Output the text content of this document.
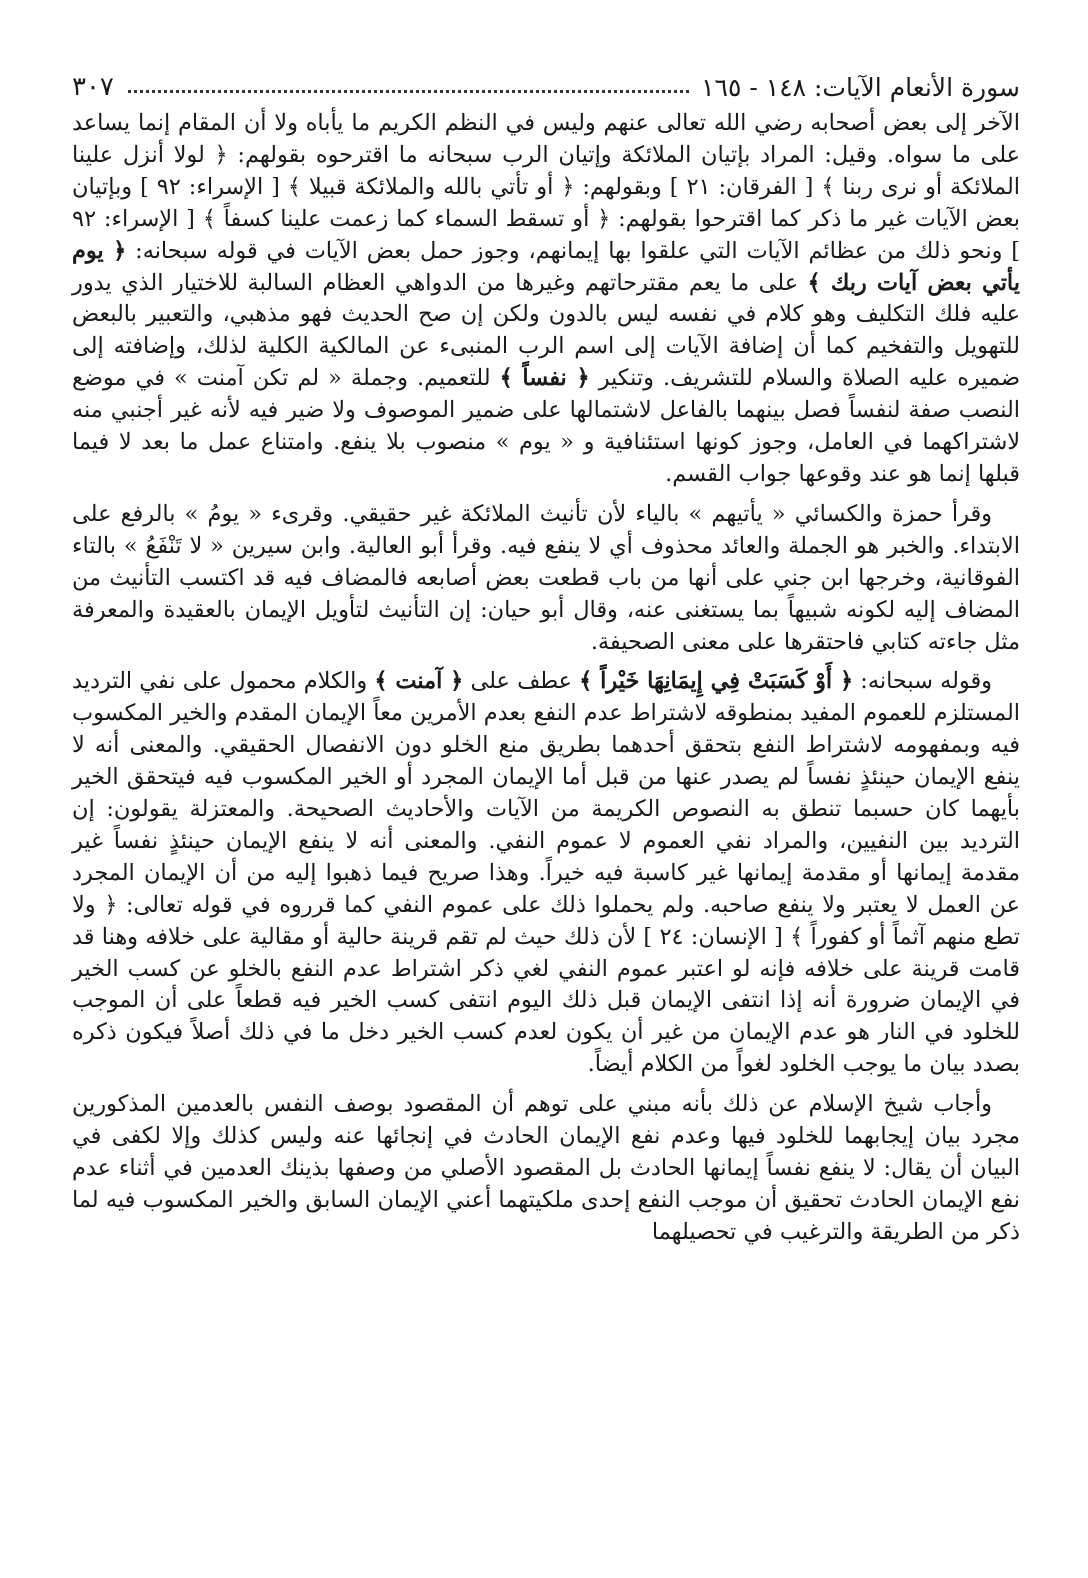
سورة الأنعام الآيات: ١٤٨ - ١٦٥
٣٠٧

الآخر إلى بعض أصحابه رضي الله تعالى عنهم وليس في النظم الكريم ما يأباه ولا أن المقام إنما يساعد على ما سواه. وقيل: المراد بإتيان الملائكة وإتيان الرب سبحانه ما اقترحوه بقولهم: ﴿ لولا أنزل علينا الملائكة أو نرى ربنا ﴾ [ الفرقان: ٢١ ] وبقولهم: ﴿ أو تأتي بالله والملائكة قبيلا ﴾ [ الإسراء: ٩٢ ] وبإتيان بعض الآيات غير ما ذكر كما اقترحوا بقولهم: ﴿ أو تسقط السماء كما زعمت علينا كسفاً ﴾ [ الإسراء: ٩٢ ] ونحو ذلك من عظائم الآيات التي علقوا بها إيمانهم، وجوز حمل بعض الآيات في قوله سبحانه: ﴿ يوم يأتي بعض آيات ربك ﴾ على ما يعم مقترحاتهم وغيرها من الدواهي العظام السالبة للاختيار الذي يدور عليه فلك التكليف وهو كلام في نفسه ليس بالدون ولكن إن صح الحديث فهو مذهبي، والتعبير بالبعض للتهويل والتفخيم كما أن إضافة الآيات إلى اسم الرب المنبىء عن المالكية الكلية لذلك، وإضافته إلى ضميره عليه الصلاة والسلام للتشريف. وتنكير ﴿ نفساً ﴾ للتعميم. وجملة « لم تكن آمنت » في موضع النصب صفة لنفساً فصل بينهما بالفاعل لاشتمالها على ضمير الموصوف ولا ضير فيه لأنه غير أجنبي منه لاشتراكهما في العامل، وجوز كونها استئنافية و « يوم » منصوب بلا ينفع. وامتناع عمل ما بعد لا فيما قبلها إنما هو عند وقوعها جواب القسم.

وقرأ حمزة والكسائي « يأتيهم » بالياء لأن تأنيث الملائكة غير حقيقي. وقرىء « يومُ » بالرفع على الابتداء. والخبر هو الجملة والعائد محذوف أي لا ينفع فيه. وقرأ أبو العالية. وابن سيرين « لا تَنْفَعُ » بالتاء الفوقانية، وخرجها ابن جني على أنها من باب قطعت بعض أصابعه فالمضاف فيه قد اكتسب التأنيث من المضاف إليه لكونه شبيهاً بما يستغنى عنه، وقال أبو حيان: إن التأنيث لتأويل الإيمان بالعقيدة والمعرفة مثل جاءته كتابي فاحتقرها على معنى الصحيفة.

وقوله سبحانه: ﴿ أَوْ كَسَبَتْ فِي إِيمَانِهَا خَيْراً ﴾ عطف على ﴿ آمنت ﴾ والكلام محمول على نفي الترديد المستلزم للعموم المفيد بمنطوقه لاشتراط عدم النفع بعدم الأمرين معاً الإيمان المقدم والخير المكسوب فيه وبمفهومه لاشتراط النفع بتحقق أحدهما بطريق منع الخلو دون الانفصال الحقيقي. والمعنى أنه لا ينفع الإيمان حينئذٍ نفساً لم يصدر عنها من قبل أما الإيمان المجرد أو الخير المكسوب فيه فيتحقق الخير بأيهما كان حسبما تنطق به النصوص الكريمة من الآيات والأحاديث الصحيحة. والمعتزلة يقولون: إن الترديد بين النفيين، والمراد نفي العموم لا عموم النفي. والمعنى أنه لا ينفع الإيمان حينئذٍ نفساً غير مقدمة إيمانها أو مقدمة إيمانها غير كاسبة فيه خيراً. وهذا صريح فيما ذهبوا إليه من أن الإيمان المجرد عن العمل لا يعتبر ولا ينفع صاحبه. ولم يحملوا ذلك على عموم النفي كما قرروه في قوله تعالى: ﴿ ولا تطع منهم آثماً أو كفوراً ﴾ [ الإنسان: ٢٤ ] لأن ذلك حيث لم تقم قرينة حالية أو مقالية على خلافه وهنا قد قامت قرينة على خلافه فإنه لو اعتبر عموم النفي لغي ذكر اشتراط عدم النفع بالخلو عن كسب الخير في الإيمان ضرورة أنه إذا انتفى الإيمان قبل ذلك اليوم انتفى كسب الخير فيه قطعاً على أن الموجب للخلود في النار هو عدم الإيمان من غير أن يكون لعدم كسب الخير دخل ما في ذلك أصلاً فيكون ذكره بصدد بيان ما يوجب الخلود لغواً من الكلام أيضاً.

وأجاب شيخ الإسلام عن ذلك بأنه مبني على توهم أن المقصود بوصف النفس بالعدمين المذكورين مجرد بيان إيجابهما للخلود فيها وعدم نفع الإيمان الحادث في إنجائها عنه وليس كذلك وإلا لكفى في البيان أن يقال: لا ينفع نفساً إيمانها الحادث بل المقصود الأصلي من وصفها بذينك العدمين في أثناء عدم نفع الإيمان الحادث تحقيق أن موجب النفع إحدى ملكيتهما أعني الإيمان السابق والخير المكسوب فيه لما ذكر من الطريقة والترغيب في تحصيلهما
